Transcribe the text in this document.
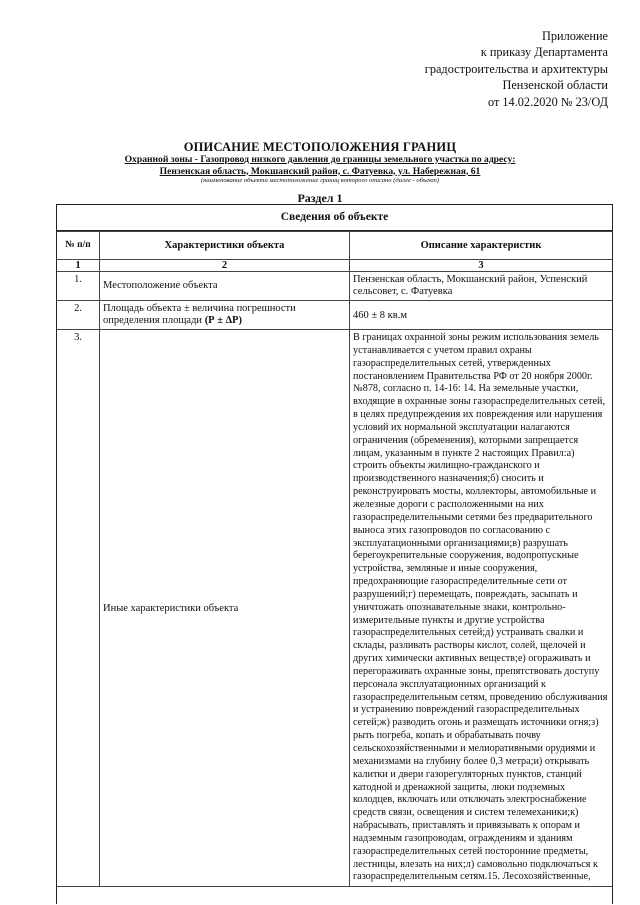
Приложение
к приказу Департамента
градостроительства и архитектуры
Пензенской области
от 14.02.2020 № 23/ОД
ОПИСАНИЕ МЕСТОПОЛОЖЕНИЯ ГРАНИЦ
Охранной зоны - Газопровод низкого давления до границы земельного участка по адресу:
Пензенская область, Мокшанский район, с. Фатуевка, ул. Набережная, 61
(наименование объекта местоположение границ которого описано (далее - объект)
Раздел 1
Сведения об объекте
№ п/п	Характеристики объекта	Описание характеристик
1	2	3
1.	Местоположение объекта	Пензенская область, Мокшанский район, Успенский сельсовет, с. Фатуевка
2.	Площадь объекта ± величина погрешности определения площади (Р ± ∆Р)	460 ± 8 кв.м
3.	Иные характеристики объекта	В границах охранной зоны режим использования земель устанавливается с учетом правил охраны газораспределительных сетей, утвержденных постановлением Правительства РФ от 20 ноября 2000г. №878, согласно п. 14-16: 14. На земельные участки, входящие в охранные зоны газораспределительных сетей, в целях предупреждения их повреждения или нарушения условий их нормальной эксплуатации налагаются ограничения (обременения), которыми запрещается лицам, указанным в пункте 2 настоящих Правил:а) строить объекты жилищно-гражданского и производственного назначения;б) сносить и реконструировать мосты, коллекторы, автомобильные и железные дороги с расположенными на них газораспределительными сетями без предварительного выноса этих газопроводов по согласованию с эксплуатационными организациями;в) разрушать берегоукрепительные сооружения, водопропускные устройства, земляные и иные сооружения, предохраняющие газораспределительные сети от разрушений;г) перемещать, повреждать, засыпать и уничтожать опознавательные знаки, контрольно-измерительные пункты и другие устройства газораспределительных сетей;д) устраивать свалки и склады, разливать растворы кислот, солей, щелочей и других химически активных веществ;е) огораживать и перегораживать охранные зоны, препятствовать доступу персонала эксплуатационных организаций к газораспределительным сетям, проведению обслуживания и устранению повреждений газораспределительных сетей;ж) разводить огонь и размещать источники огня;з) рыть погреба, копать и обрабатывать почву сельскохозяйственными и мелиоративными орудиями и механизмами на глубину более 0,3 метра;и) открывать калитки и двери газорегуляторных пунктов, станций катодной и дренажной защиты, люки подземных колодцев, включать или отключать электроснабжение средств связи, освещения и систем телемеханики;к) набрасывать, приставлять и привязывать к опорам и надземным газопроводам, ограждениям и зданиям газораспределительных сетей посторонние предметы, лестницы, влезать на них;л) самовольно подключаться к газораспределительным сетям.15. Лесохозяйственные,
